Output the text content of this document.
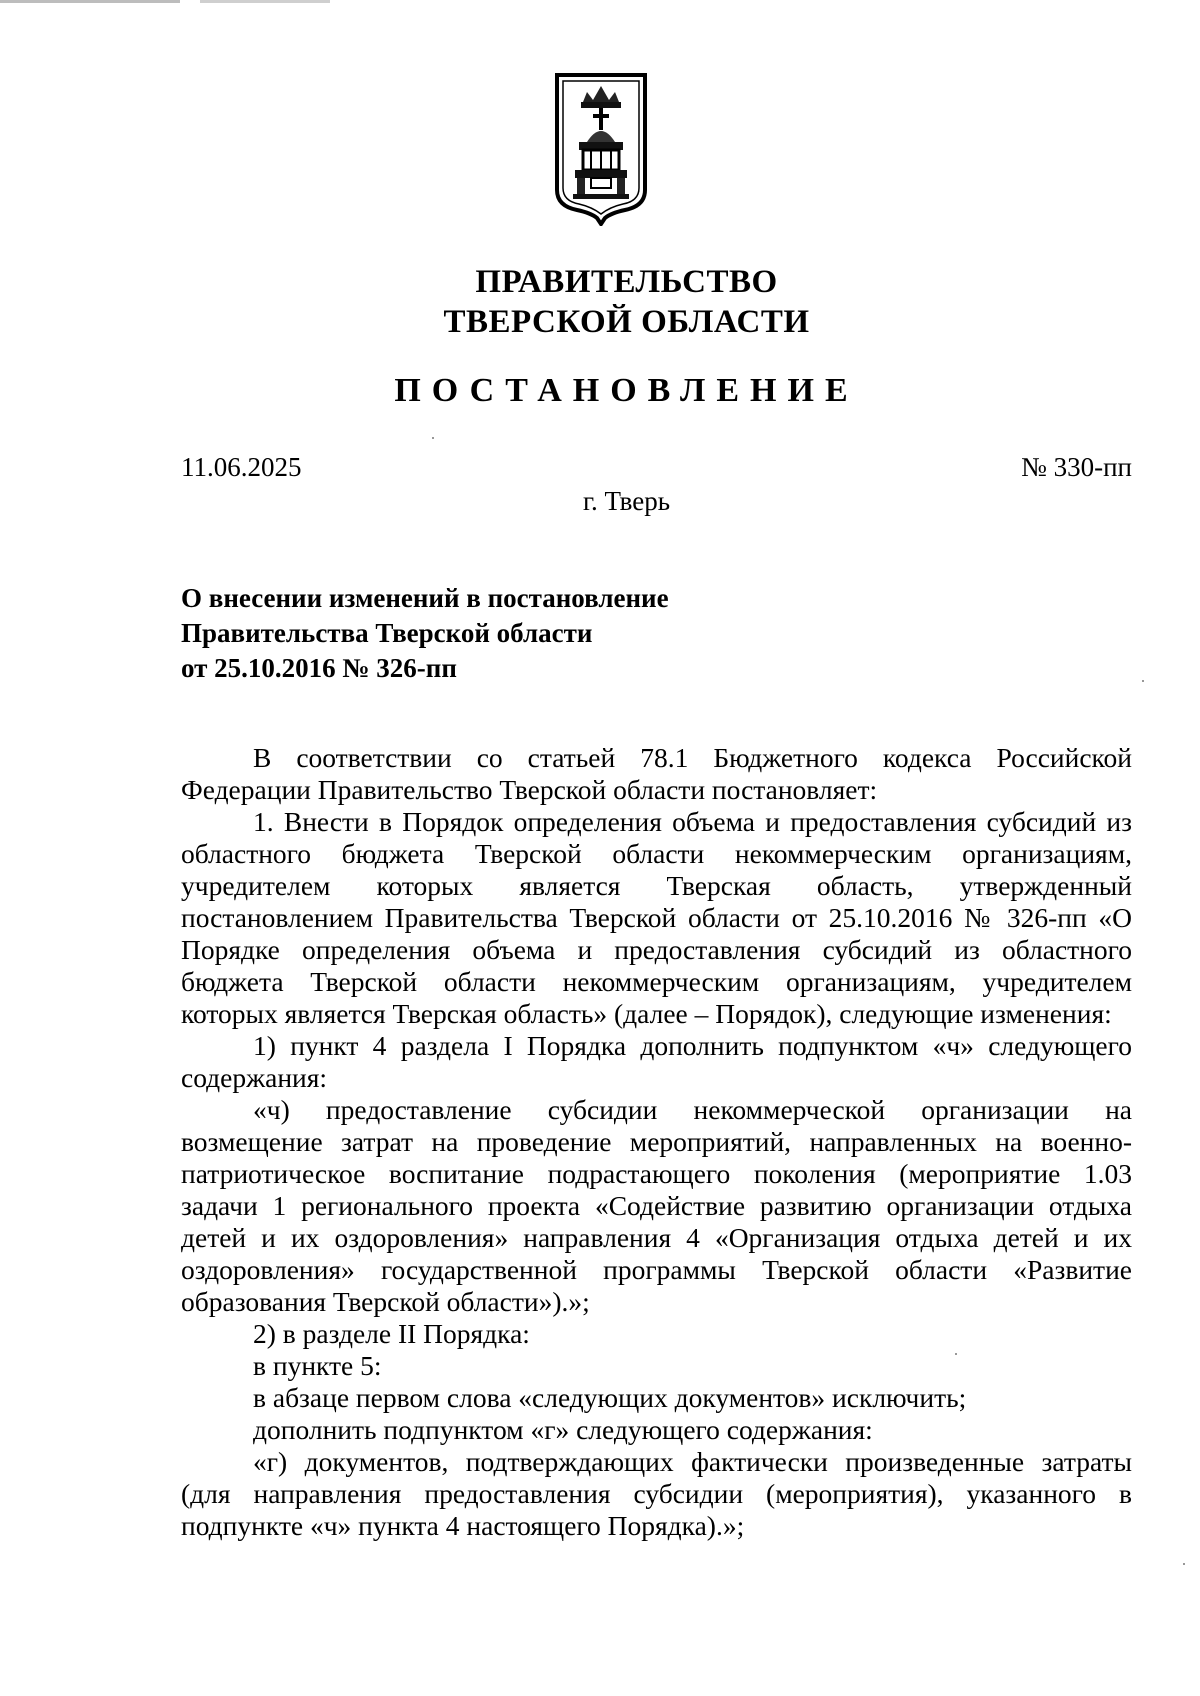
ПРАВИТЕЛЬСТВО
ТВЕРСКОЙ ОБЛАСТИ
ПОСТАНОВЛЕНИЕ
11.06.2025	№ 330-пп
г. Тверь
О внесении изменений в постановление
Правительства Тверской области
от 25.10.2016 № 326-пп

В соответствии со статьей 78.1 Бюджетного кодекса Российской Федерации Правительство Тверской области постановляет:

1. Внести в Порядок определения объема и предоставления субсидий из областного бюджета Тверской области некоммерческим организациям, учредителем которых является Тверская область, утвержденный постановлением Правительства Тверской области от 25.10.2016 № 326-пп «О Порядке определения объема и предоставления субсидий из областного бюджета Тверской области некоммерческим организациям, учредителем которых является Тверская область» (далее – Порядок), следующие изменения:

1) пункт 4 раздела I Порядка дополнить подпунктом «ч» следующего содержания:

«ч) предоставление субсидии некоммерческой организации на возмещение затрат на проведение мероприятий, направленных на военно-патриотическое воспитание подрастающего поколения (мероприятие 1.03 задачи 1 регионального проекта «Содействие развитию организации отдыха детей и их оздоровления» направления 4 «Организация отдыха детей и их оздоровления» государственной программы Тверской области «Развитие образования Тверской области»).»;

2) в разделе II Порядка:

в пункте 5:

в абзаце первом слова «следующих документов» исключить;

дополнить подпунктом «г» следующего содержания:

«г) документов, подтверждающих фактически произведенные затраты (для направления предоставления субсидии (мероприятия), указанного в подпункте «ч» пункта 4 настоящего Порядка).»;
